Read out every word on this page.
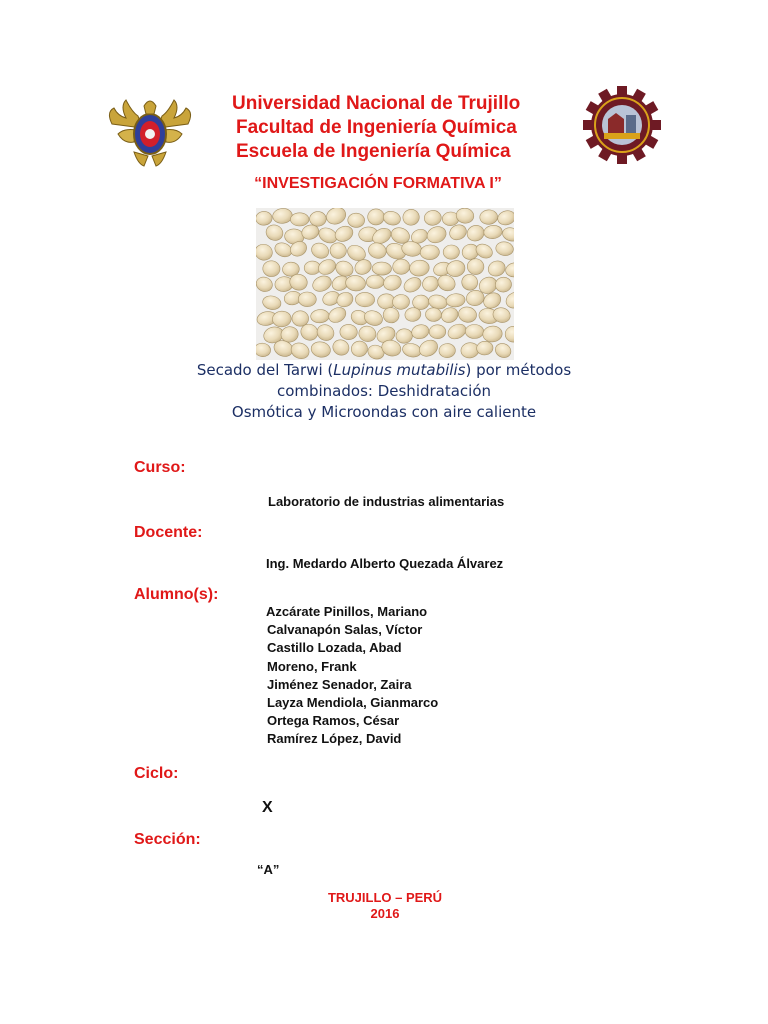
Universidad Nacional de Trujillo
Facultad de Ingeniería Química
Escuela de Ingeniería Química
“INVESTIGACIÓN FORMATIVA I”
Secado del Tarwi (Lupinus mutabilis) por métodos
combinados: Deshidratación
Osmótica y Microondas con aire caliente
Curso:
Laboratorio de industrias alimentarias
Docente:
Ing. Medardo Alberto Quezada Álvarez
Alumno(s):
Azcárate Pinillos, Mariano
Calvanapón Salas, Víctor
Castillo Lozada, Abad
Moreno, Frank
Jiménez Senador, Zaira
Layza Mendiola, Gianmarco
Ortega Ramos, César
Ramírez López, David
Ciclo:
X
Sección:
“A”
TRUJILLO – PERÚ
2016
